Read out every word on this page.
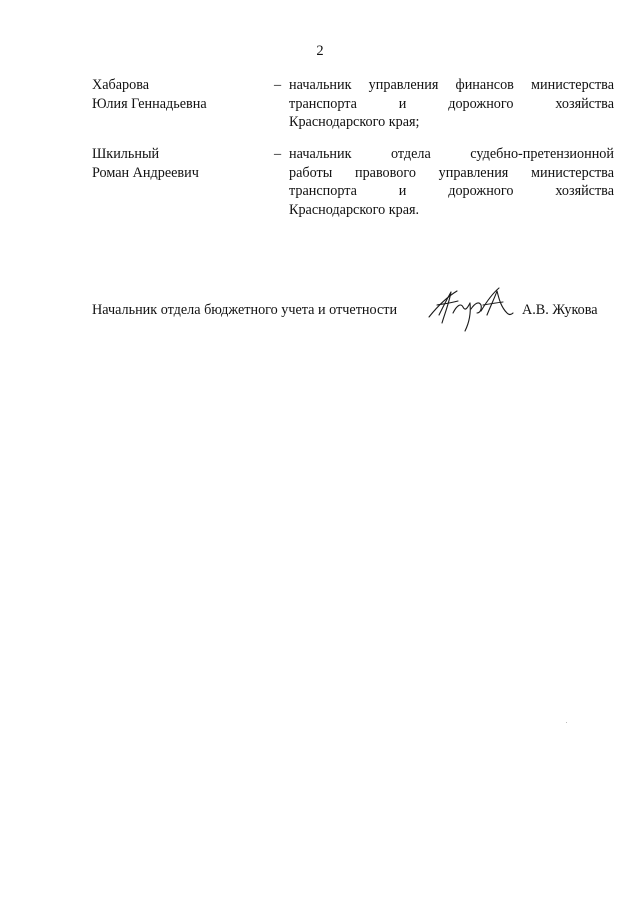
2
Хабарова
Юлия Геннадьевна
– начальник управления финансов министерства
транспорта и дорожного хозяйства
Краснодарского края;
Шкильный
Роман Андреевич
– начальник отдела судебно-претензионной
работы правового управления министерства
транспорта и дорожного хозяйства
Краснодарского края.
Начальник отдела бюджетного учета и отчетности	А.В. Жукова
